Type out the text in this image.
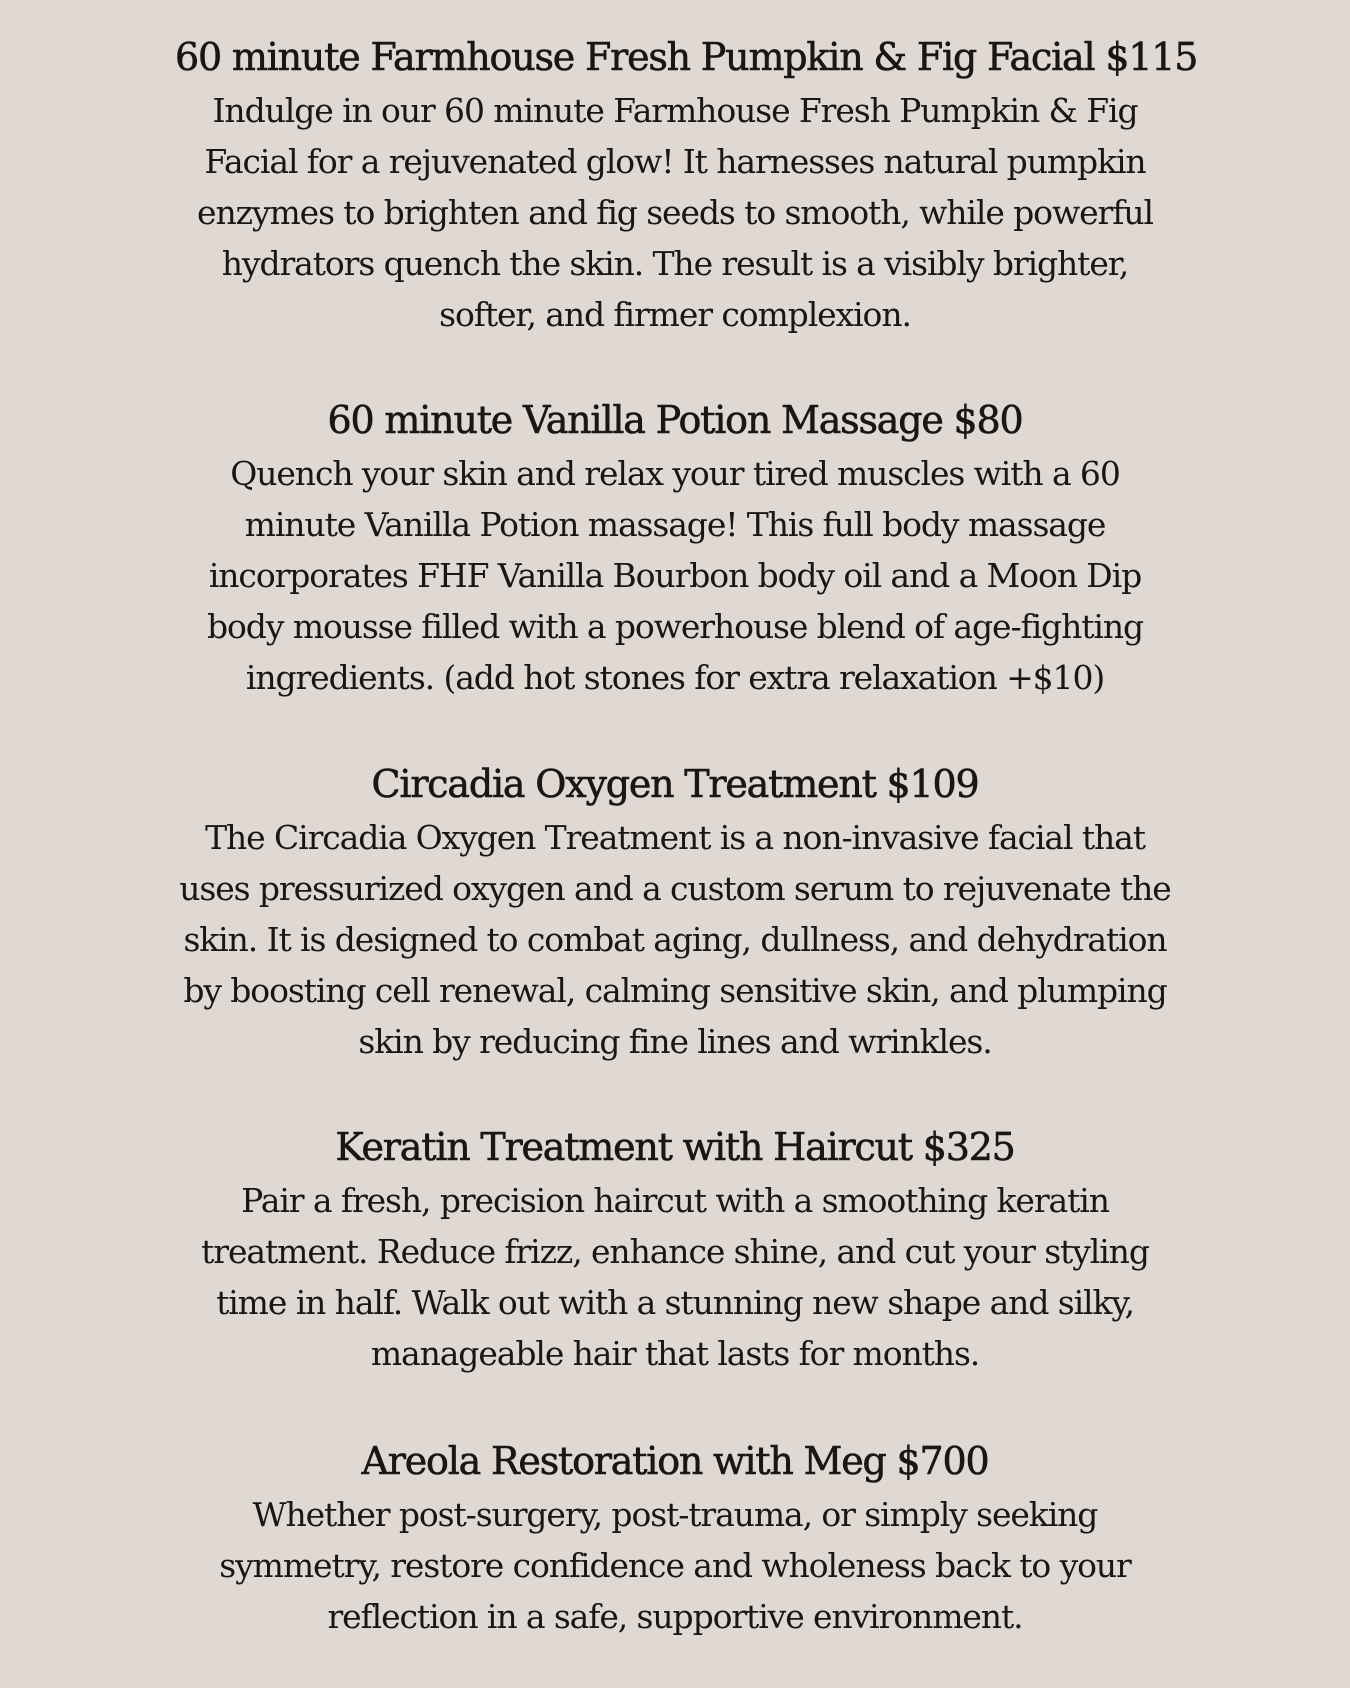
60 minute Farmhouse Fresh Pumpkin & Fig Facial $115

Indulge in our 60 minute Farmhouse Fresh Pumpkin & Fig Facial for a rejuvenated glow! It harnesses natural pumpkin enzymes to brighten and fig seeds to smooth, while powerful hydrators quench the skin. The result is a visibly brighter, softer, and firmer complexion.

60 minute Vanilla Potion Massage $80

Quench your skin and relax your tired muscles with a 60 minute Vanilla Potion massage! This full body massage incorporates FHF Vanilla Bourbon body oil and a Moon Dip body mousse filled with a powerhouse blend of age-fighting ingredients. (add hot stones for extra relaxation +$10)

Circadia Oxygen Treatment $109

The Circadia Oxygen Treatment is a non-invasive facial that uses pressurized oxygen and a custom serum to rejuvenate the skin. It is designed to combat aging, dullness, and dehydration by boosting cell renewal, calming sensitive skin, and plumping skin by reducing fine lines and wrinkles.

Keratin Treatment with Haircut $325

Pair a fresh, precision haircut with a smoothing keratin treatment. Reduce frizz, enhance shine, and cut your styling time in half. Walk out with a stunning new shape and silky, manageable hair that lasts for months.

Areola Restoration with Meg $700

Whether post-surgery, post-trauma, or simply seeking symmetry, restore confidence and wholeness back to your reflection in a safe, supportive environment.
